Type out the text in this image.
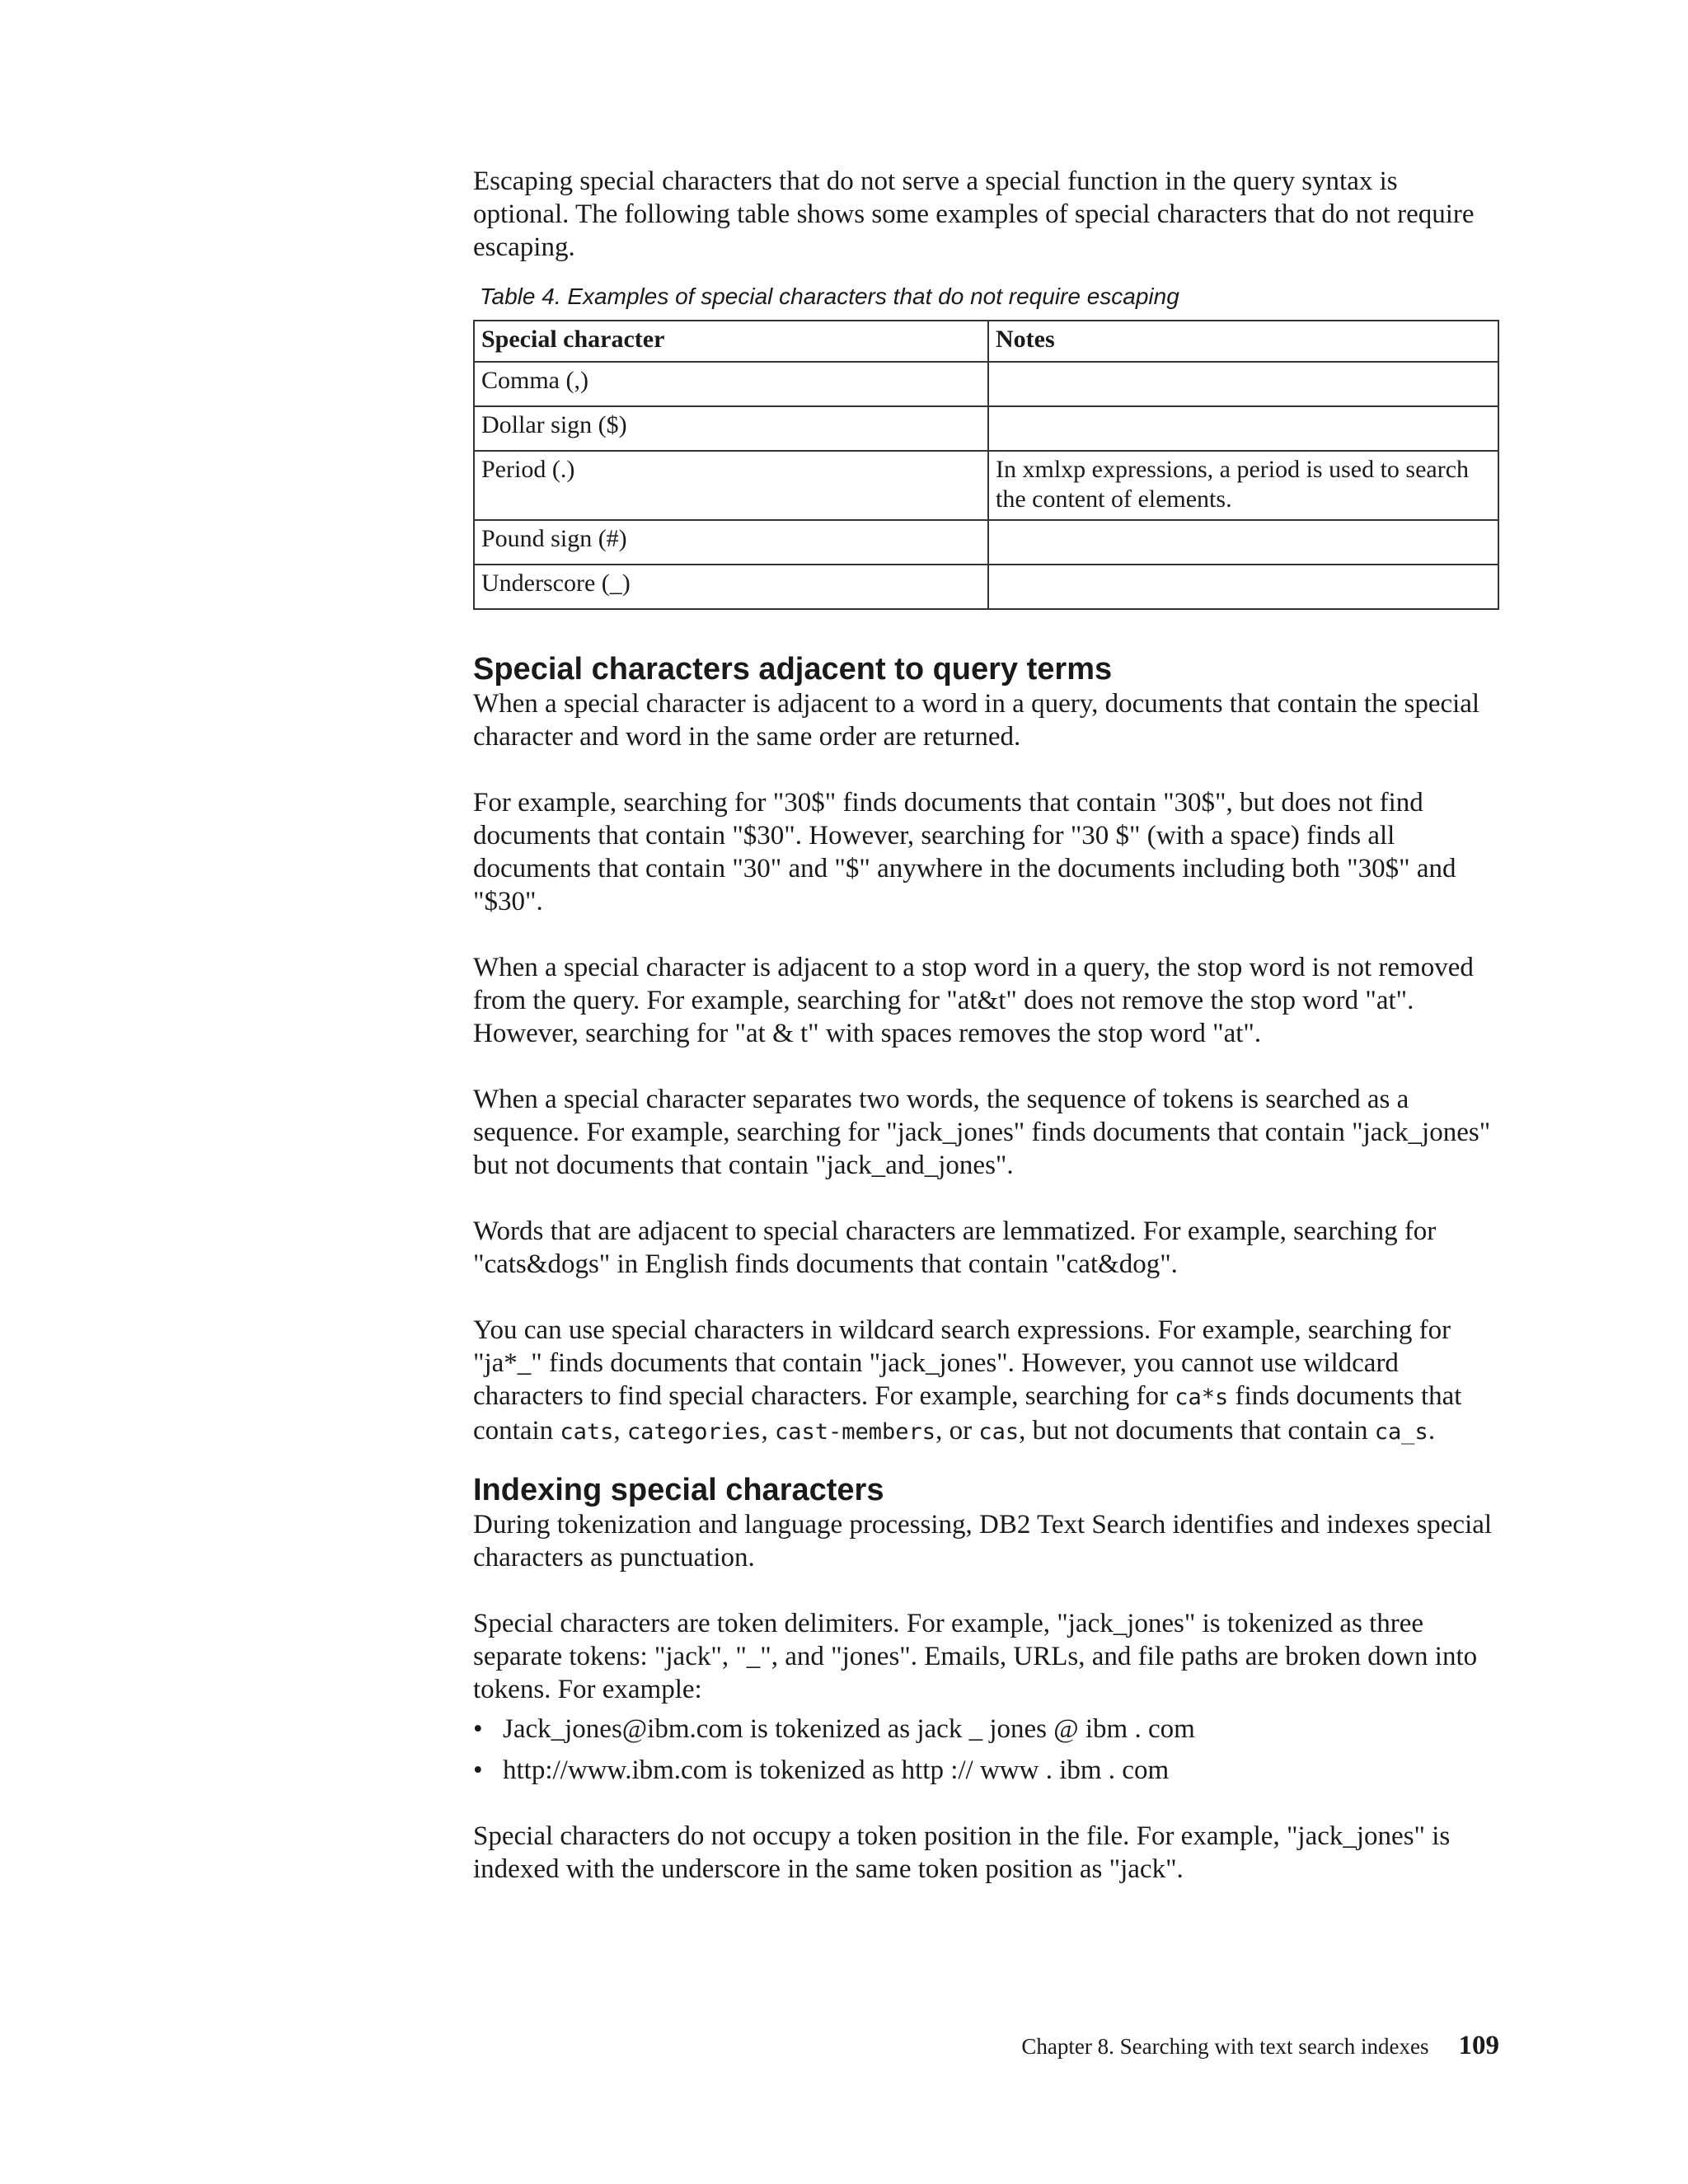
Escaping special characters that do not serve a special function in the query syntax is optional. The following table shows some examples of special characters that do not require escaping.

Table 4. Examples of special characters that do not require escaping
Special character	Notes
Comma (,)	
Dollar sign ($)	
Period (.)	In xmlxp expressions, a period is used to search the content of elements.
Pound sign (#)	
Underscore (_)	
Special characters adjacent to query terms

When a special character is adjacent to a word in a query, documents that contain the special character and word in the same order are returned.

For example, searching for "30$" finds documents that contain "30$", but does not find documents that contain "$30". However, searching for "30 $" (with a space) finds all documents that contain "30" and "$" anywhere in the documents including both "30$" and "$30".

When a special character is adjacent to a stop word in a query, the stop word is not removed from the query. For example, searching for "at&t" does not remove the stop word "at". However, searching for "at & t" with spaces removes the stop word "at".

When a special character separates two words, the sequence of tokens is searched as a sequence. For example, searching for "jack_jones" finds documents that contain "jack_jones" but not documents that contain "jack_and_jones".

Words that are adjacent to special characters are lemmatized. For example, searching for "cats&dogs" in English finds documents that contain "cat&dog".

You can use special characters in wildcard search expressions. For example, searching for "ja*_" finds documents that contain "jack_jones". However, you cannot use wildcard characters to find special characters. For example, searching for ca*s finds documents that contain cats, categories, cast-members, or cas, but not documents that contain ca_s.

Indexing special characters

During tokenization and language processing, DB2 Text Search identifies and indexes special characters as punctuation.

Special characters are token delimiters. For example, "jack_jones" is tokenized as three separate tokens: "jack", "_", and "jones". Emails, URLs, and file paths are broken down into tokens. For example:

• Jack_jones@ibm.com is tokenized as jack _ jones @ ibm . com
• http://www.ibm.com is tokenized as http :// www . ibm . com

Special characters do not occupy a token position in the file. For example, "jack_jones" is indexed with the underscore in the same token position as "jack".

Chapter 8. Searching with text search indexes 109
